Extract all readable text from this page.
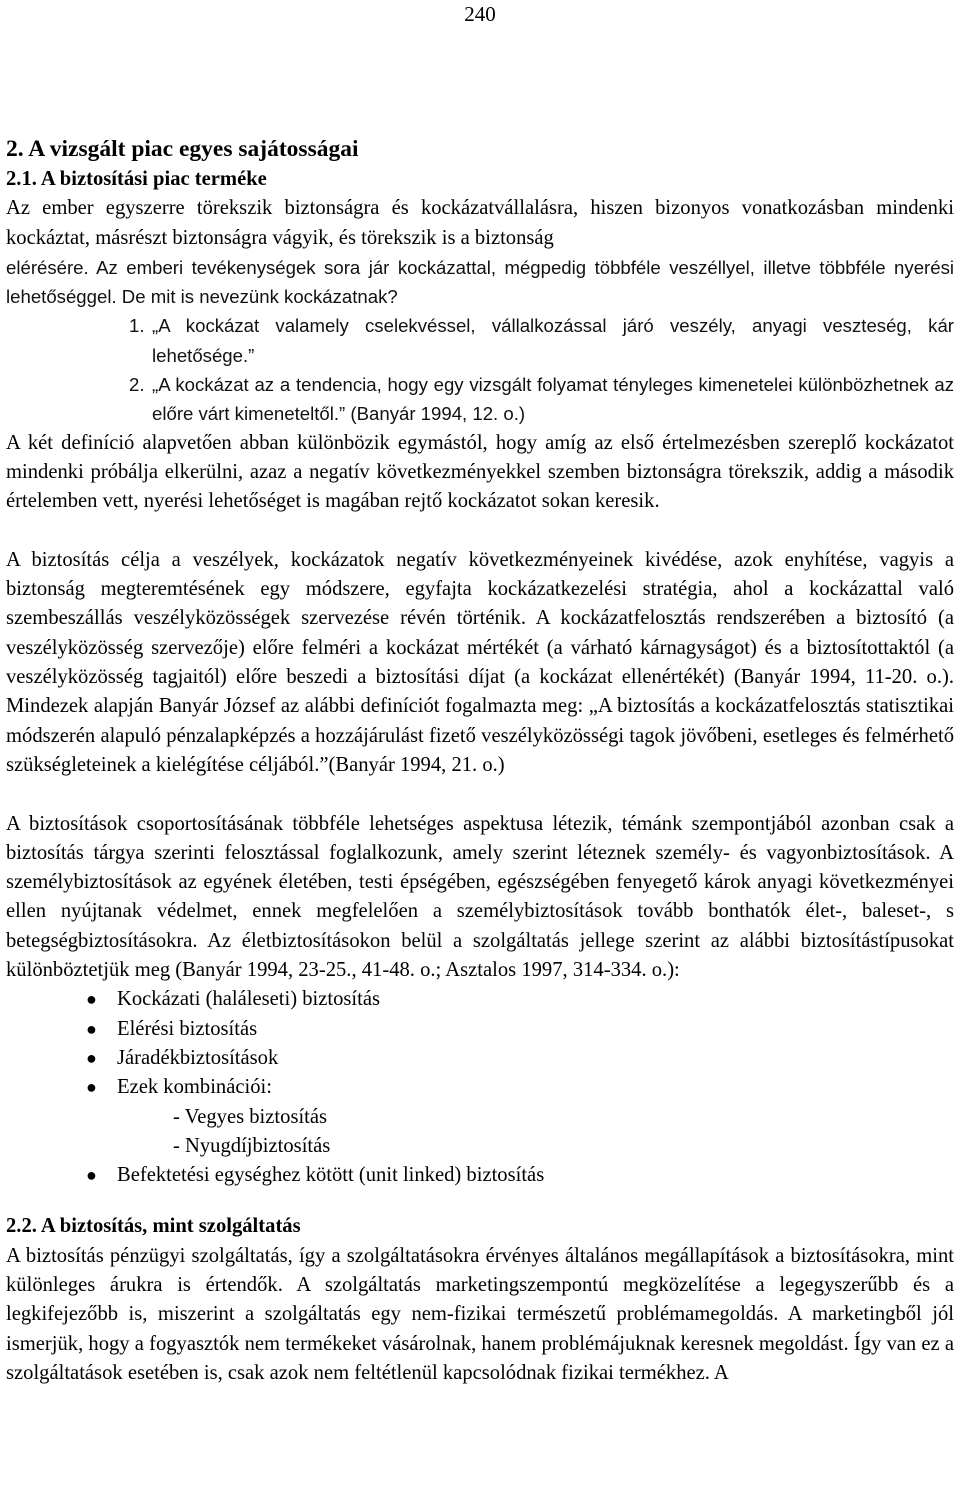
240
2. A vizsgált piac egyes sajátosságai
2.1. A biztosítási piac terméke

Az ember egyszerre törekszik biztonságra és kockázatvállalásra, hiszen bizonyos vonatkozásban mindenki kockáztat, másrészt biztonságra vágyik, és törekszik is a biztonság

elérésére. Az emberi tevékenységek sora jár kockázattal, mégpedig többféle veszéllyel, illetve többféle nyerési lehetőséggel. De mit is nevezünk kockázatnak?

1. „A kockázat valamely cselekvéssel, vállalkozással járó veszély, anyagi veszteség, kár lehetősége.”
2. „A kockázat az a tendencia, hogy egy vizsgált folyamat tényleges kimenetelei különbözhetnek az előre várt kimeneteltől.” (Banyár 1994, 12. o.)

A két definíció alapvetően abban különbözik egymástól, hogy amíg az első értelmezésben szereplő kockázatot mindenki próbálja elkerülni, azaz a negatív következményekkel szemben biztonságra törekszik, addig a második értelemben vett, nyerési lehetőséget is magában rejtő kockázatot sokan keresik.

A biztosítás célja a veszélyek, kockázatok negatív következményeinek kivédése, azok enyhítése, vagyis a biztonság megteremtésének egy módszere, egyfajta kockázatkezelési stratégia, ahol a kockázattal való szembeszállás veszélyközösségek szervezése révén történik. A kockázatfelosztás rendszerében a biztosító (a veszélyközösség szervezője) előre felméri a kockázat mértékét (a várható kárnagyságot) és a biztosítottaktól (a veszélyközösség tagjaitól) előre beszedi a biztosítási díjat (a kockázat ellenértékét) (Banyár 1994, 11-20. o.). Mindezek alapján Banyár József az alábbi definíciót fogalmazta meg: „A biztosítás a kockázatfelosztás statisztikai módszerén alapuló pénzalapképzés a hozzájárulást fizető veszélyközösségi tagok jövőbeni, esetleges és felmérhető szükségleteinek a kielégítése céljából.”(Banyár 1994, 21. o.)

A biztosítások csoportosításának többféle lehetséges aspektusa létezik, témánk szempontjából azonban csak a biztosítás tárgya szerinti felosztással foglalkozunk, amely szerint léteznek személy- és vagyonbiztosítások. A személybiztosítások az egyének életében, testi épségében, egészségében fenyegető károk anyagi következményei ellen nyújtanak védelmet, ennek megfelelően a személybiztosítások tovább bonthatók élet-, baleset-, s betegségbiztosításokra. Az életbiztosításokon belül a szolgáltatás jellege szerint az alábbi biztosítástípusokat különböztetjük meg (Banyár 1994, 23-25., 41-48. o.; Asztalos 1997, 314-334. o.):

● Kockázati (haláleseti) biztosítás
● Elérési biztosítás
● Járadékbiztosítások
● Ezek kombinációi:
- Vegyes biztosítás
- Nyugdíjbiztosítás
● Befektetési egységhez kötött (unit linked) biztosítás
2.2. A biztosítás, mint szolgáltatás

A biztosítás pénzügyi szolgáltatás, így a szolgáltatásokra érvényes általános megállapítások a biztosításokra, mint különleges árukra is értendők. A szolgáltatás marketingszempontú megközelítése a legegyszerűbb és a legkifejezőbb is, miszerint a szolgáltatás egy nem-fizikai természetű problémamegoldás. A marketingből jól ismerjük, hogy a fogyasztók nem termékeket vásárolnak, hanem problémájuknak keresnek megoldást. Így van ez a szolgáltatások esetében is, csak azok nem feltétlenül kapcsolódnak fizikai termékhez. A
